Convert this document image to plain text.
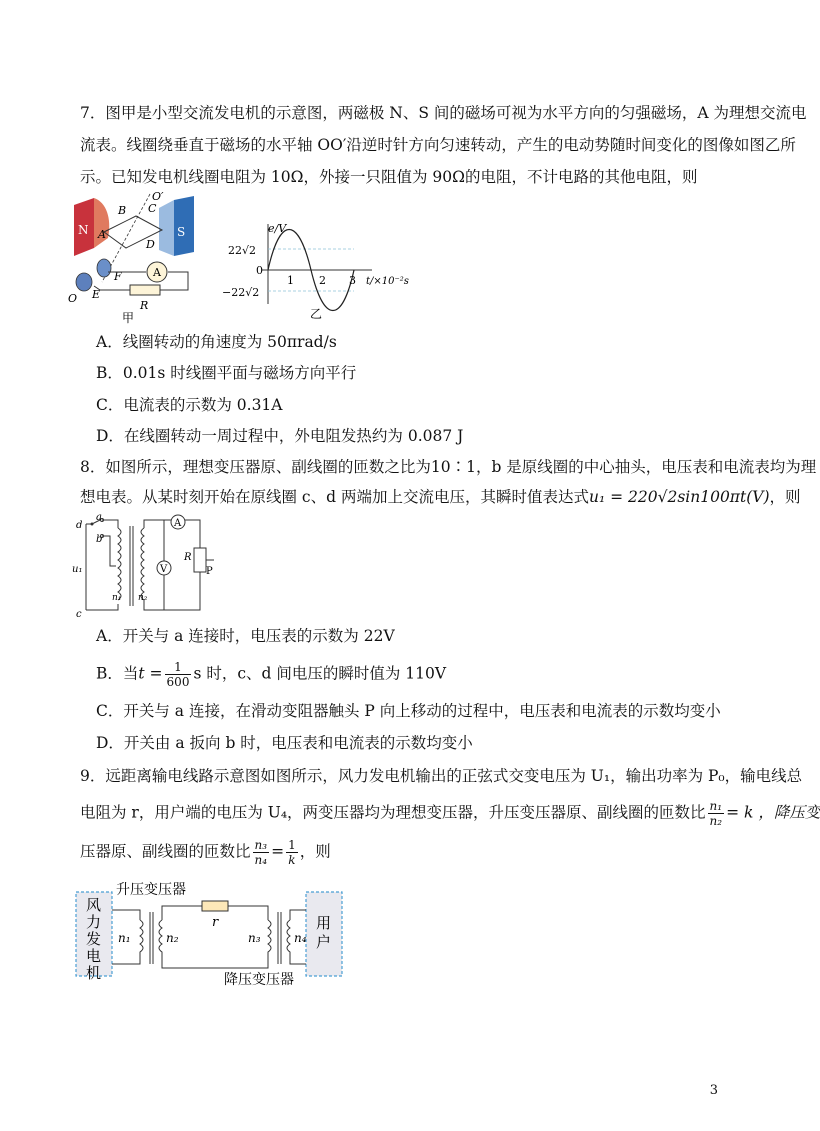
7．图甲是小型交流发电机的示意图，两磁极 N、S 间的磁场可视为水平方向的匀强磁场，A 为理想交流电
流表。线圈绕垂直于磁场的水平轴 OO′沿逆时针方向匀速转动，产生的电动势随时间变化的图像如图乙所
示。已知发电机线圈电阻为 10Ω，外接一只阻值为 90Ω的电阻，不计电路的其他电阻，则
N	S
B C
A
D
O′
O E
F	A
R
甲
e/V
22√2
−22√2
0
1 2 3 t/×10⁻²s
乙
A．线圈转动的角速度为 50πrad/s
B．0.01s 时线圈平面与磁场方向平行
C．电流表的示数为 0.31A
D．在线圈转动一周过程中，外电阻发热约为 0.087 J
8．如图所示，理想变压器原、副线圈的匝数之比为10∶1，b 是原线圈的中心抽头，电压表和电流表均为理
想电表。从某时刻开始在原线圈 c、d 两端加上交流电压，其瞬时值表达式u₁ = 220√2sin100πt(V)，则
A
V
R
P
a
b
d
c
u₁
n₁ n₂
A．开关与 a 连接时，电压表的示数为 22V
B．当$t = \frac{1}{600}$ s 时，c、d 间电压的瞬时值为 110V
C．开关与 a 连接，在滑动变阻器触头 P 向上移动的过程中，电压表和电流表的示数均变小
D．开关由 a 扳向 b 时，电压表和电流表的示数均变小
9．远距离输电线路示意图如图所示，风力发电机输出的正弦式交变电压为 U₁，输出功率为 P₀，输电线总
电阻为 r，用户端的电压为 U₄，两变压器均为理想变压器，升压变压器原、副线圈的匝数比 $\frac{\text{n₁}}{\text{n₂}} = k$ ，降压变
压器原、副线圈的匝数比 $\frac{\text{n₃}}{\text{n₄}} = \frac{1}{k}$ ，则
风
力
发
电
机
用
户
升压变压器
降压变压器
r
n₁	n₂	n₃	n₄
3
